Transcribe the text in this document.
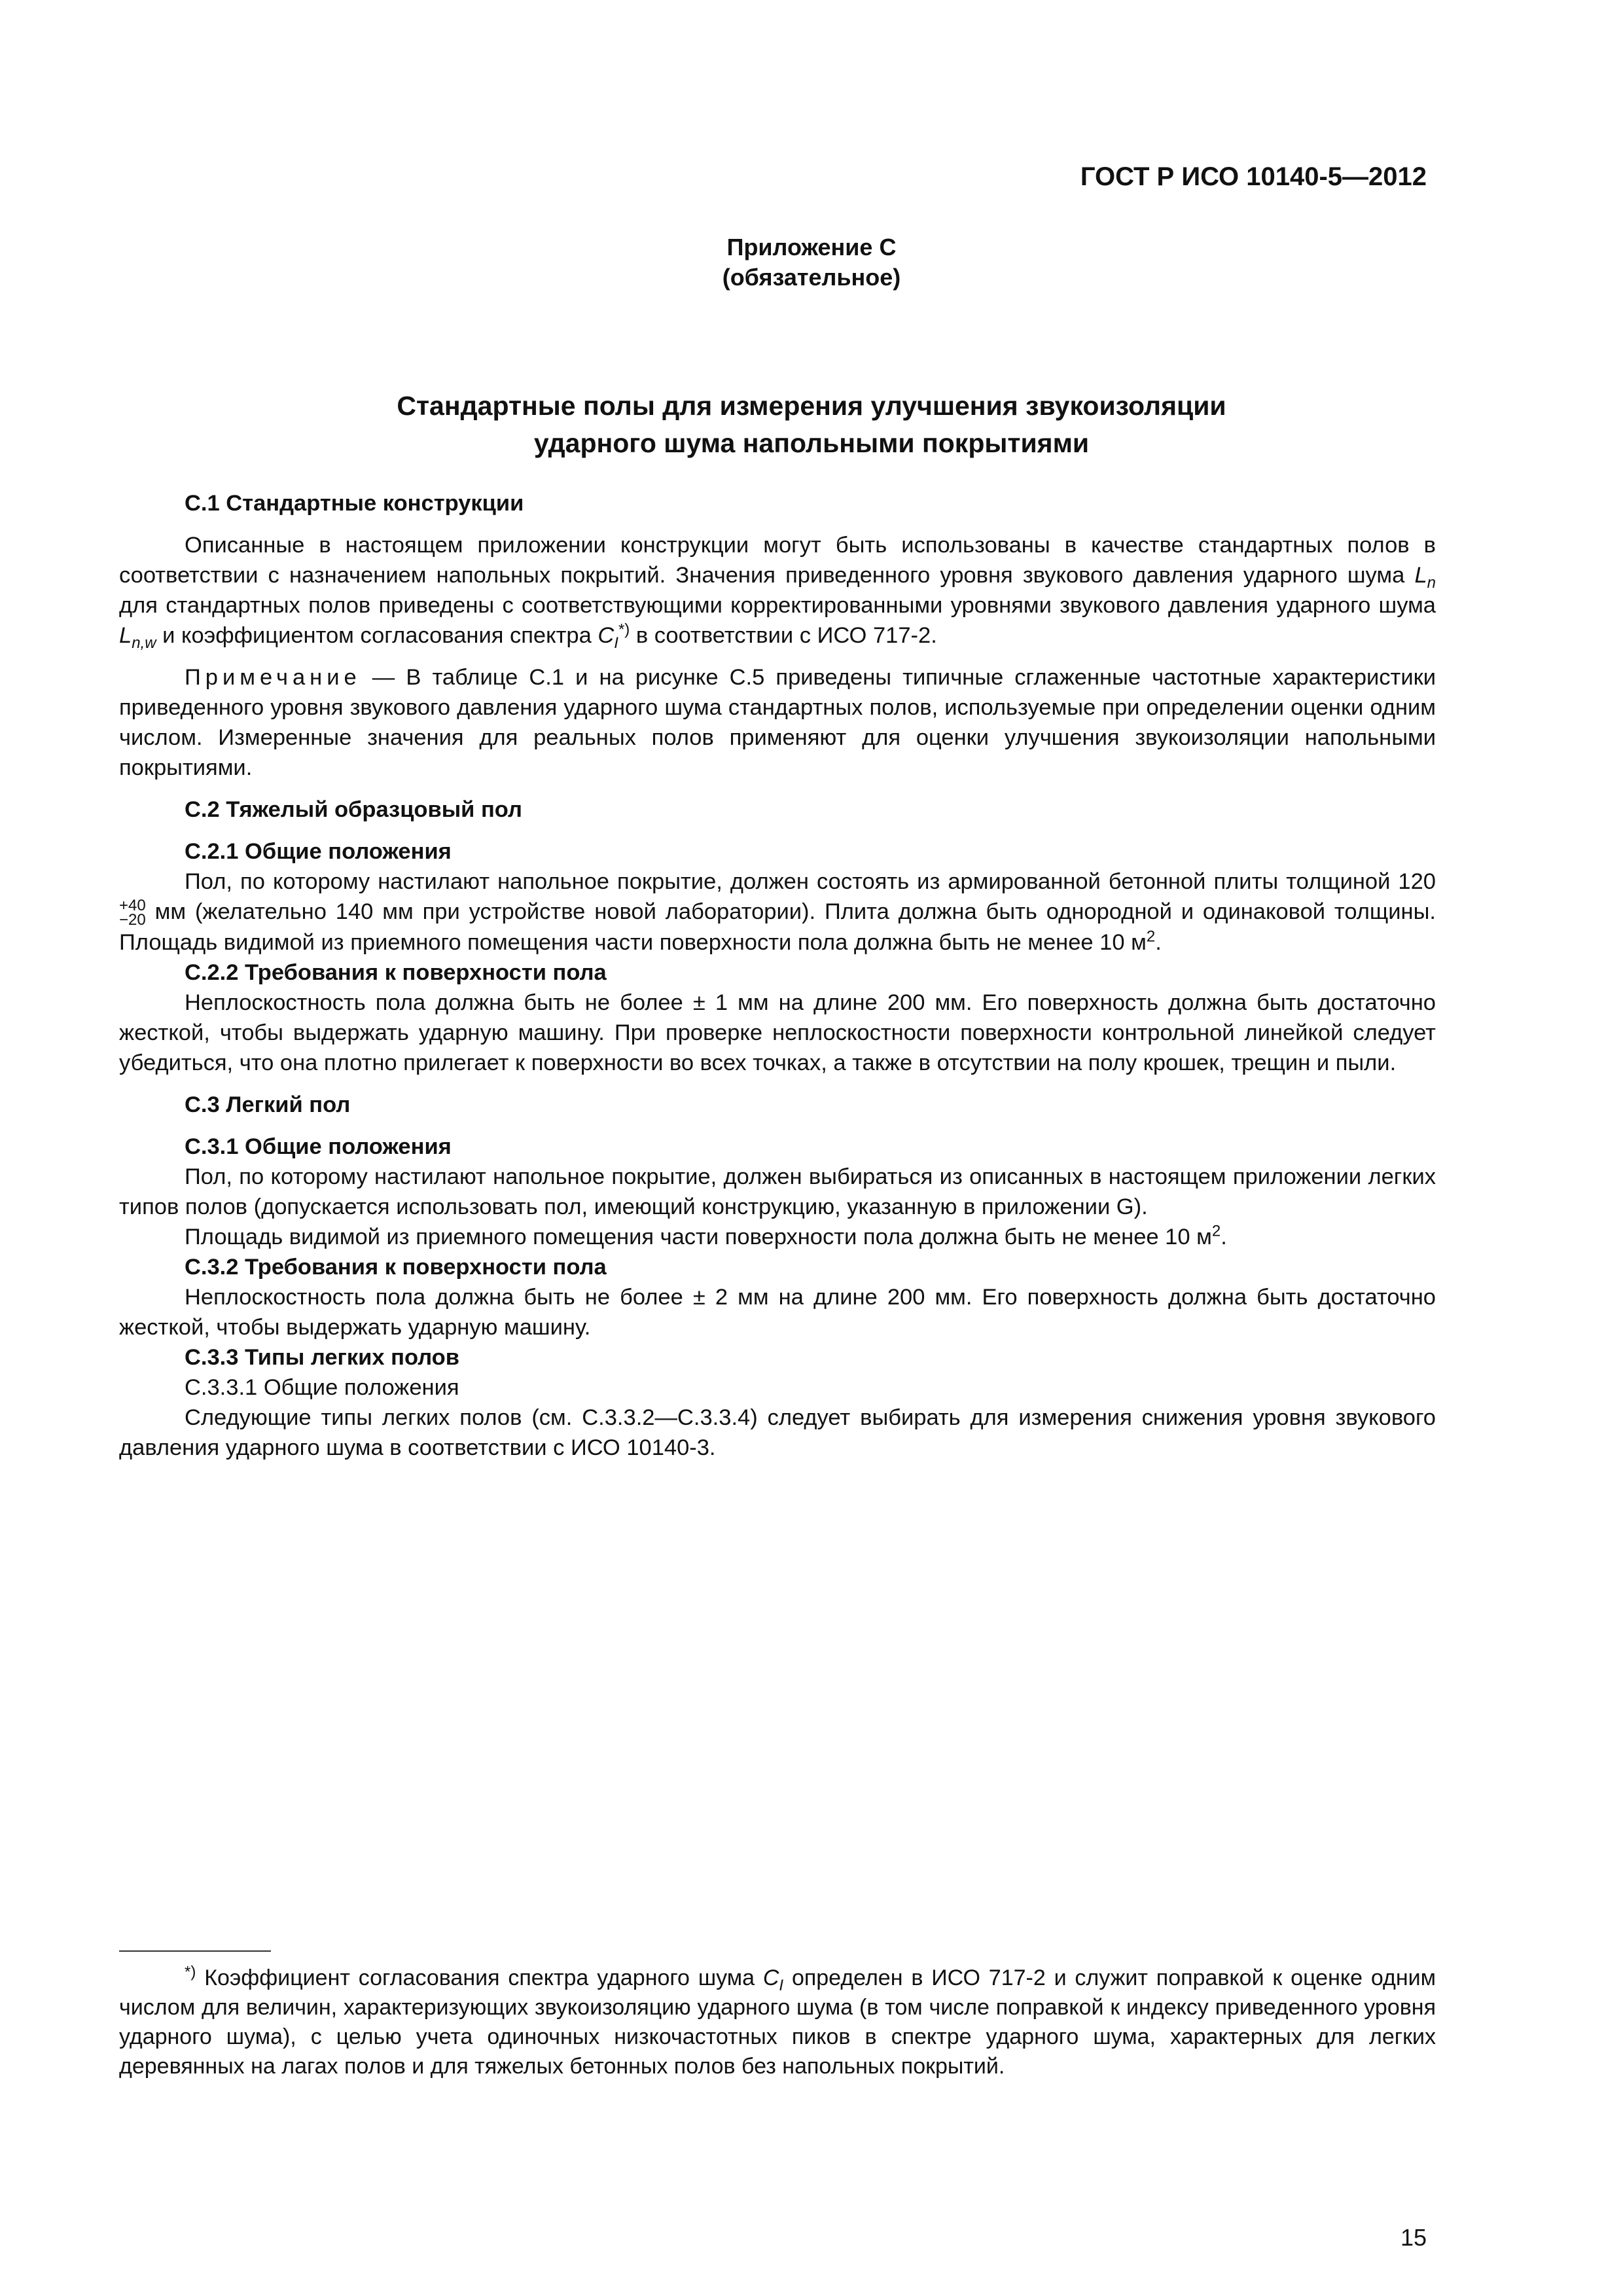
ГОСТ Р ИСО 10140-5—2012
Приложение С
(обязательное)
Стандартные полы для измерения улучшения звукоизоляции
ударного шума напольными покрытиями

С.1 Стандартные конструкции

Описанные в настоящем приложении конструкции могут быть использованы в качестве стандартных полов в соответствии с назначением напольных покрытий. Значения приведенного уровня звукового давления ударного шума $L_n$ для стандартных полов приведены с соответствующими корректированными уровнями звукового давления ударного шума $L_{n,w}$ и коэффициентом согласования спектра $C_I^{*)}$ в соответствии с ИСО 717-2.

Примечание — В таблице С.1 и на рисунке С.5 приведены типичные сглаженные частотные характеристики приведенного уровня звукового давления ударного шума стандартных полов, используемые при определении оценки одним числом. Измеренные значения для реальных полов применяют для оценки улучшения звукоизоляции напольными покрытиями.

С.2 Тяжелый образцовый пол

С.2.1 Общие положения

Пол, по которому настилают напольное покрытие, должен состоять из армированной бетонной плиты толщиной 120
+40
−20 мм (желательно 140 мм при устройстве новой лаборатории). Плита должна быть однородной и одинаковой толщины. Площадь видимой из приемного помещения части поверхности пола должна быть не менее 10 $м^2$.

С.2.2 Требования к поверхности пола

Неплоскостность пола должна быть не более ± 1 мм на длине 200 мм. Его поверхность должна быть достаточно жесткой, чтобы выдержать ударную машину. При проверке неплоскостности поверхности контрольной линейкой следует убедиться, что она плотно прилегает к поверхности во всех точках, а также в отсутствии на полу крошек, трещин и пыли.

С.3 Легкий пол

С.3.1 Общие положения

Пол, по которому настилают напольное покрытие, должен выбираться из описанных в настоящем приложении легких типов полов (допускается использовать пол, имеющий конструкцию, указанную в приложении G).

Площадь видимой из приемного помещения части поверхности пола должна быть не менее 10 $м^2$.

С.3.2 Требования к поверхности пола

Неплоскостность пола должна быть не более ± 2 мм на длине 200 мм. Его поверхность должна быть достаточно жесткой, чтобы выдержать ударную машину.

С.3.3 Типы легких полов

С.3.3.1 Общие положения

Следующие типы легких полов (см. С.3.3.2—С.3.3.4) следует выбирать для измерения снижения уровня звукового давления ударного шума в соответствии с ИСО 10140-3.

*) Коэффициент согласования спектра ударного шума $C_I$ определен в ИСО 717-2 и служит поправкой к оценке одним числом для величин, характеризующих звукоизоляцию ударного шума (в том числе поправкой к индексу приведенного уровня ударного шума), с целью учета одиночных низкочастотных пиков в спектре ударного шума, характерных для легких деревянных на лагах полов и для тяжелых бетонных полов без напольных покрытий.

15
